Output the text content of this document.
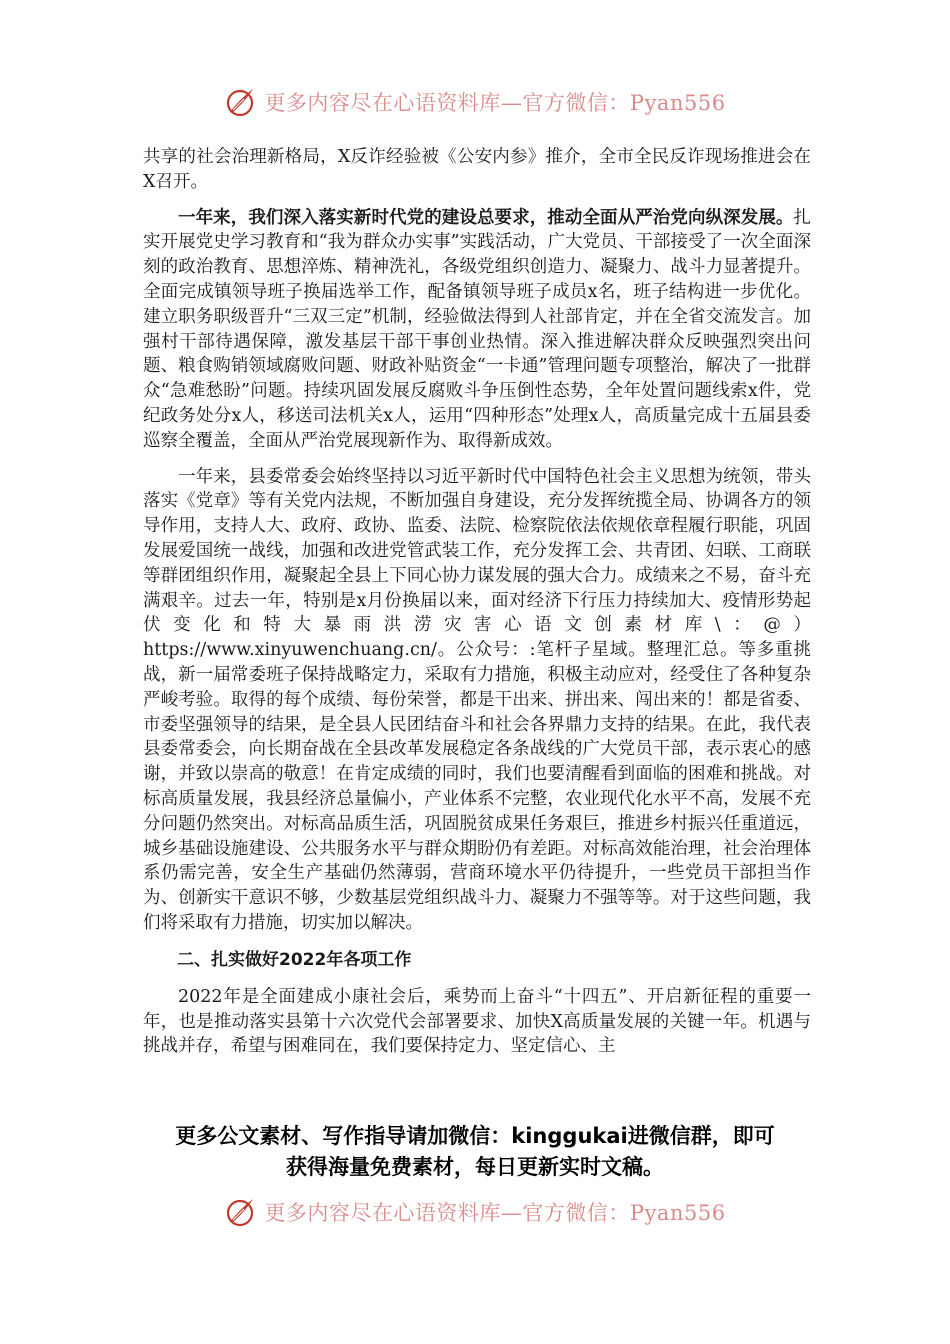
更多内容尽在心语资料库—官方微信：Pyan556

共享的社会治理新格局，X反诈经验被《公安内参》推介，全市全民反诈现场推进会在X召开。

一年来，我们深入落实新时代党的建设总要求，推动全面从严治党向纵深发展。扎实开展党史学习教育和“我为群众办实事”实践活动，广大党员、干部接受了一次全面深刻的政治教育、思想淬炼、精神洗礼，各级党组织创造力、凝聚力、战斗力显著提升。全面完成镇领导班子换届选举工作，配备镇领导班子成员x名，班子结构进一步优化。建立职务职级晋升“三双三定”机制，经验做法得到人社部肯定，并在全省交流发言。加强村干部待遇保障，激发基层干部干事创业热情。深入推进解决群众反映强烈突出问题、粮食购销领域腐败问题、财政补贴资金“一卡通”管理问题专项整治，解决了一批群众“急难愁盼”问题。持续巩固发展反腐败斗争压倒性态势，全年处置问题线索x件，党纪政务处分x人，移送司法机关x人，运用“四种形态”处理x人，高质量完成十五届县委巡察全覆盖，全面从严治党展现新作为、取得新成效。

一年来，县委常委会始终坚持以习近平新时代中国特色社会主义思想为统领，带头落实《党章》等有关党内法规，不断加强自身建设，充分发挥统揽全局、协调各方的领导作用，支持人大、政府、政协、监委、法院、检察院依法依规依章程履行职能，巩固发展爱国统一战线，加强和改进党管武装工作，充分发挥工会、共青团、妇联、工商联等群团组织作用，凝聚起全县上下同心协力谋发展的强大合力。成绩来之不易，奋斗充满艰辛。过去一年，特别是x月份换届以来，面对经济下行压力持续加大、疫情形势起伏变化和特大暴雨洪涝灾害心语文创素材库\：@）https://www.xinyuwenchuang.cn/。公众号：:笔杆子星域。整理汇总。等多重挑战，新一届常委班子保持战略定力，采取有力措施，积极主动应对，经受住了各种复杂严峻考验。取得的每个成绩、每份荣誉，都是干出来、拼出来、闯出来的！都是省委、市委坚强领导的结果，是全县人民团结奋斗和社会各界鼎力支持的结果。在此，我代表县委常委会，向长期奋战在全县改革发展稳定各条战线的广大党员干部，表示衷心的感谢，并致以崇高的敬意！在肯定成绩的同时，我们也要清醒看到面临的困难和挑战。对标高质量发展，我县经济总量偏小，产业体系不完整，农业现代化水平不高，发展不充分问题仍然突出。对标高品质生活，巩固脱贫成果任务艰巨，推进乡村振兴任重道远，城乡基础设施建设、公共服务水平与群众期盼仍有差距。对标高效能治理，社会治理体系仍需完善，安全生产基础仍然薄弱，营商环境水平仍待提升，一些党员干部担当作为、创新实干意识不够，少数基层党组织战斗力、凝聚力不强等等。对于这些问题，我们将采取有力措施，切实加以解决。

二、扎实做好2022年各项工作

2022年是全面建成小康社会后，乘势而上奋斗“十四五”、开启新征程的重要一年，也是推动落实县第十六次党代会部署要求、加快X高质量发展的关键一年。机遇与挑战并存，希望与困难同在，我们要保持定力、坚定信心、主

更多公文素材、写作指导请加微信：kinggukai进微信群，即可
获得海量免费素材，每日更新实时文稿。
更多内容尽在心语资料库—官方微信：Pyan556
